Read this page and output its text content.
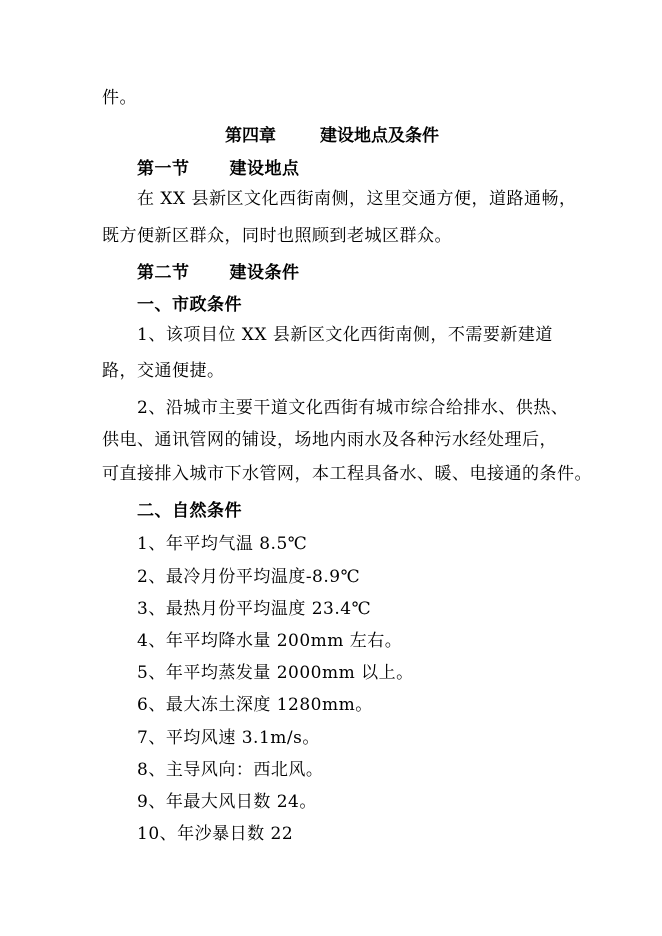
件。
第四章	建设地点及条件
第一节 建设地点
在 XX 县新区文化西街南侧，这里交通方便，道路通畅，
既方便新区群众，同时也照顾到老城区群众。
第二节 建设条件
一、市政条件
1、该项目位 XX 县新区文化西街南侧，不需要新建道
路，交通便捷。
2、沿城市主要干道文化西街有城市综合给排水、供热、
供电、通讯管网的铺设，场地内雨水及各种污水经处理后，
可直接排入城市下水管网，本工程具备水、暖、电接通的条件。
二、自然条件
1、年平均气温 8.5℃
2、最冷月份平均温度-8.9℃
3、最热月份平均温度 23.4℃
4、年平均降水量 200mm 左右。
5、年平均蒸发量 2000mm 以上。
6、最大冻土深度 1280mm。
7、平均风速 3.1m/s。
8、主导风向：西北风。
9、年最大风日数 24。
10、年沙暴日数 22
